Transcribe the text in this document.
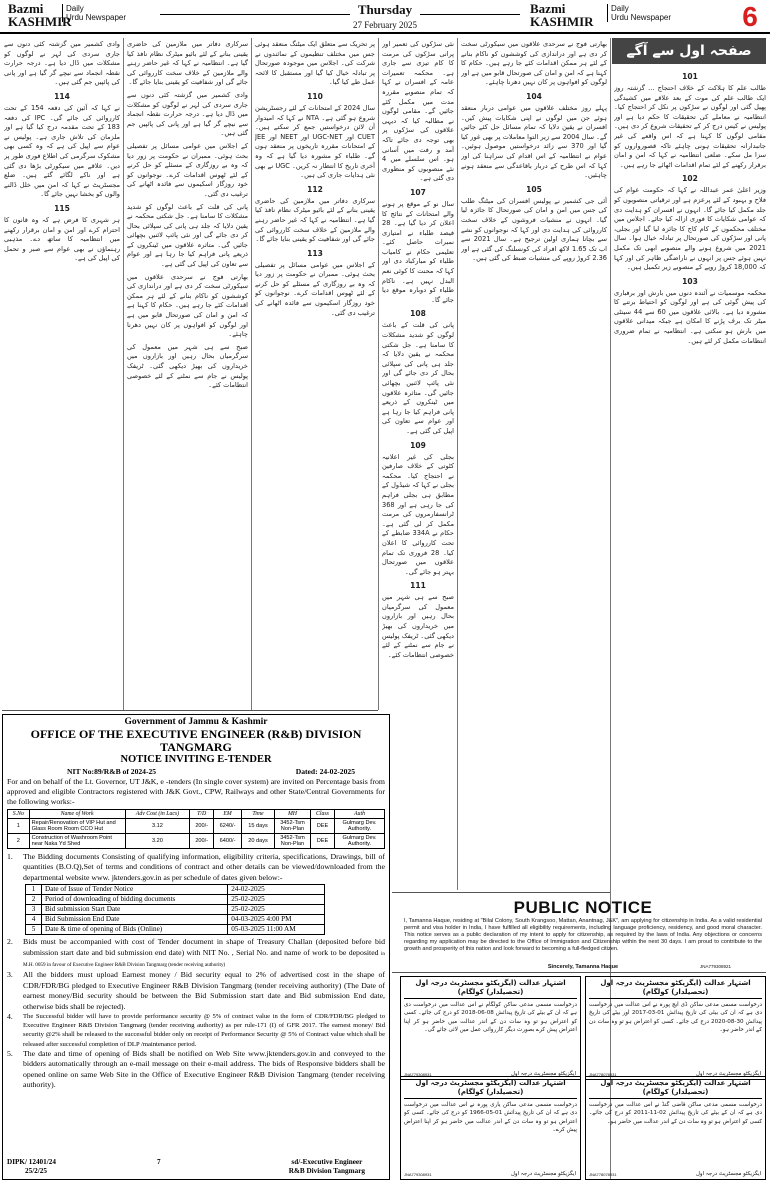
Bazmi
KASHMIR
Daily
Urdu Newspaper
Thursday
27 February 2025
Bazmi
KASHMIR
Daily
Urdu Newspaper	6
صفحہ اول سے آگے
101

طالب علم کا ہلاکت کے خلاف احتجاج ... گزشتہ روز ایک طالب علم کی موت کے بعد علاقے میں کشیدگی پھیل گئی اور لوگوں نے سڑکوں پر نکل کر احتجاج کیا۔ انتظامیہ نے معاملے کی تحقیقات کا حکم دیا ہے اور پولیس نے کیس درج کر کے تحقیقات شروع کر دی ہیں۔ مقامی لوگوں کا کہنا ہے کہ اس واقعے کی غیر جانبدارانہ تحقیقات ہونی چاہئے تاکہ قصورواروں کو سزا مل سکے۔ ضلعی انتظامیہ نے کہا کہ امن و امان برقرار رکھنے کے لئے تمام اقدامات اٹھائے جا رہے ہیں۔

102

وزیر اعلیٰ عمر عبداللہ نے کہا کہ حکومت عوام کی فلاح و بہبود کے لئے پرعزم ہے اور ترقیاتی منصوبوں کو جلد مکمل کیا جائے گا۔ انہوں نے افسران کو ہدایت دی کہ عوامی شکایات کا فوری ازالہ کیا جائے۔ اجلاس میں مختلف محکموں کے کام کاج کا جائزہ لیا گیا اور بجلی، پانی اور سڑکوں کی صورتحال پر تبادلہ خیال ہوا۔ سال 2021 میں شروع ہونے والے منصوبے ابھی تک مکمل نہیں ہوئے جس پر انہوں نے ناراضگی ظاہر کی اور کہا کہ 18,000 کروڑ روپے کے منصوبے زیر تکمیل ہیں۔

103

محکمہ موسمیات نے آئندہ دنوں میں بارش اور برفباری کی پیش گوئی کی ہے اور لوگوں کو احتیاط برتنے کا مشورہ دیا ہے۔ بالائی علاقوں میں 60 سے 44 سینٹی میٹر تک برف پڑنے کا امکان ہے جبکہ میدانی علاقوں میں بارش ہو سکتی ہے۔ انتظامیہ نے تمام ضروری انتظامات مکمل کر لئے ہیں۔

بھارتی فوج نے سرحدی علاقوں میں سیکورٹی سخت کر دی ہے اور دراندازی کی کوششوں کو ناکام بنانے کے لئے ہر ممکن اقدامات کئے جا رہے ہیں۔ حکام کا کہنا ہے کہ امن و امان کی صورتحال قابو میں ہے اور لوگوں کو افواہوں پر کان نہیں دھرنا چاہئے۔

104

پہلے روز مختلف علاقوں میں عوامی دربار منعقد ہوئے جن میں لوگوں نے اپنی شکایات پیش کیں۔ افسران نے یقین دلایا کہ تمام مسائل حل کئے جائیں گے۔ سال 2004 سے زیر التوا معاملات پر بھی غور کیا گیا اور 370 سے زائد درخواستیں موصول ہوئیں۔ عوام نے انتظامیہ کے اس اقدام کی سراہنا کی اور کہا کہ اس طرح کے دربار باقاعدگی سے منعقد ہونے چاہئیں۔

105

آئی جی کشمیر نے پولیس افسران کی میٹنگ طلب کی جس میں امن و امان کی صورتحال کا جائزہ لیا گیا۔ انہوں نے منشیات فروشوں کے خلاف سخت کارروائی کی ہدایت دی اور کہا کہ نوجوانوں کو نشے سے بچانا ہماری اولین ترجیح ہے۔ سال 2021 سے اب تک 1.65 لاکھ افراد کی کونسلنگ کی گئی ہے اور 2.36 کروڑ روپے کی منشیات ضبط کی گئی ہیں۔

نئی سڑکوں کی تعمیر اور پرانی سڑکوں کی مرمت کا کام تیزی سے جاری ہے۔ محکمہ تعمیرات عامہ کے افسران نے کہا کہ تمام منصوبے مقررہ مدت میں مکمل کئے جائیں گے۔ مقامی لوگوں نے مطالبہ کیا کہ دیہی علاقوں کی سڑکوں پر بھی توجہ دی جائے تاکہ آمد و رفت میں آسانی ہو۔ اس سلسلے میں 4 نئے منصوبوں کو منظوری دی گئی ہے۔

107

سال نو کے موقع پر ہونے والے امتحانات کے نتائج کا اعلان کر دیا گیا ہے۔ 28 فیصد طلباء نے امتیازی نمبرات حاصل کئے۔ تعلیمی حکام نے کامیاب طلباء کو مبارکباد دی اور کہا کہ محنت کا کوئی نعم البدل نہیں ہے۔ ناکام طلباء کو دوبارہ موقع دیا جائے گا۔

108

پانی کی قلت کے باعث لوگوں کو شدید مشکلات کا سامنا ہے۔ جل شکتی محکمہ نے یقین دلایا کہ جلد ہی پانی کی سپلائی بحال کر دی جائے گی اور نئی پائپ لائنیں بچھائی جائیں گی۔ متاثرہ علاقوں میں ٹینکروں کے ذریعے پانی فراہم کیا جا رہا ہے اور عوام سے تعاون کی اپیل کی گئی ہے۔

109

بجلی کی غیر اعلانیہ کٹوتی کے خلاف صارفین نے احتجاج کیا۔ محکمہ بجلی نے کہا کہ شیڈول کے مطابق ہی بجلی فراہم کی جا رہی ہے اور 368 ٹرانسفارمروں کی مرمت مکمل کر لی گئی ہے۔ حکام نے 334A ضابطے کے تحت کارروائی کا اعلان کیا۔ 28 فروری تک تمام علاقوں میں صورتحال بہتر ہو جائے گی۔

111

صبح سے ہی شہر میں معمول کی سرگرمیاں بحال رہیں اور بازاروں میں خریداروں کی بھیڑ دیکھی گئی۔ ٹریفک پولیس نے جام سے نمٹنے کے لئے خصوصی انتظامات کئے۔

پر تحریک سے متعلق ایک میٹنگ منعقد ہوئی جس میں مختلف تنظیموں کے نمائندوں نے شرکت کی۔ اجلاس میں موجودہ صورتحال پر تبادلہ خیال کیا گیا اور مستقبل کا لائحہ عمل طے کیا گیا۔

110

سال 2024 کے امتحانات کے لئے رجسٹریشن شروع ہو گئی ہے۔ NTA نے کہا کہ امیدوار آن لائن درخواستیں جمع کر سکتے ہیں۔ CUET اور UGC-NET اور NEET اور JEE کے امتحانات مقررہ تاریخوں پر منعقد ہوں گے۔ طلباء کو مشورہ دیا گیا ہے کہ وہ آخری تاریخ کا انتظار نہ کریں۔ UGC نے بھی نئی ہدایات جاری کی ہیں۔

112

سرکاری دفاتر میں ملازمین کی حاضری یقینی بنانے کے لئے بائیو میٹرک نظام نافذ کیا گیا ہے۔ انتظامیہ نے کہا کہ غیر حاضر رہنے والے ملازمین کے خلاف سخت کارروائی کی جائے گی اور شفافیت کو یقینی بنایا جائے گا۔

113

کے اجلاس میں عوامی مسائل پر تفصیلی بحث ہوئی۔ ممبران نے حکومت پر زور دیا کہ وہ بے روزگاری کے مسئلے کو حل کرنے کے لئے ٹھوس اقدامات کرے۔ نوجوانوں کو خود روزگار اسکیموں سے فائدہ اٹھانے کی ترغیب دی گئی۔

وادی کشمیر میں گزشتہ کئی دنوں سے جاری سردی کی لہر نے لوگوں کو مشکلات میں ڈال دیا ہے۔ درجہ حرارت نقطہ انجماد سے نیچے گر گیا ہے اور پانی کی پائپیں جم گئی ہیں۔

114

نے کہا کہ آئین کی دفعہ 154 کے تحت کارروائی کی جائے گی۔ IPC کی دفعہ 183 کے تحت مقدمہ درج کیا گیا ہے اور ملزمان کی تلاش جاری ہے۔ پولیس نے عوام سے اپیل کی ہے کہ وہ کسی بھی مشکوک سرگرمی کی اطلاع فوری طور پر دیں۔ علاقے میں سیکورٹی بڑھا دی گئی ہے اور ناکے لگائے گئے ہیں۔ ضلع مجسٹریٹ نے کہا کہ امن میں خلل ڈالنے والوں کو بخشا نہیں جائے گا۔

115

ہر شہری کا فرض ہے کہ وہ قانون کا احترام کرے اور امن و امان برقرار رکھنے میں انتظامیہ کا ساتھ دے۔ مذہبی رہنماؤں نے بھی عوام سے صبر و تحمل کی اپیل کی ہے۔

سرکاری دفاتر میں ملازمین کی حاضری یقینی بنانے کے لئے بائیو میٹرک نظام نافذ کیا گیا ہے۔ انتظامیہ نے کہا کہ غیر حاضر رہنے والے ملازمین کے خلاف سخت کارروائی کی جائے گی اور شفافیت کو یقینی بنایا جائے گا۔

وادی کشمیر میں گزشتہ کئی دنوں سے جاری سردی کی لہر نے لوگوں کو مشکلات میں ڈال دیا ہے۔ درجہ حرارت نقطہ انجماد سے نیچے گر گیا ہے اور پانی کی پائپیں جم گئی ہیں۔

کے اجلاس میں عوامی مسائل پر تفصیلی بحث ہوئی۔ ممبران نے حکومت پر زور دیا کہ وہ بے روزگاری کے مسئلے کو حل کرنے کے لئے ٹھوس اقدامات کرے۔ نوجوانوں کو خود روزگار اسکیموں سے فائدہ اٹھانے کی ترغیب دی گئی۔

پانی کی قلت کے باعث لوگوں کو شدید مشکلات کا سامنا ہے۔ جل شکتی محکمہ نے یقین دلایا کہ جلد ہی پانی کی سپلائی بحال کر دی جائے گی اور نئی پائپ لائنیں بچھائی جائیں گی۔ متاثرہ علاقوں میں ٹینکروں کے ذریعے پانی فراہم کیا جا رہا ہے اور عوام سے تعاون کی اپیل کی گئی ہے۔

بھارتی فوج نے سرحدی علاقوں میں سیکورٹی سخت کر دی ہے اور دراندازی کی کوششوں کو ناکام بنانے کے لئے ہر ممکن اقدامات کئے جا رہے ہیں۔ حکام کا کہنا ہے کہ امن و امان کی صورتحال قابو میں ہے اور لوگوں کو افواہوں پر کان نہیں دھرنا چاہئے۔

صبح سے ہی شہر میں معمول کی سرگرمیاں بحال رہیں اور بازاروں میں خریداروں کی بھیڑ دیکھی گئی۔ ٹریفک پولیس نے جام سے نمٹنے کے لئے خصوصی انتظامات کئے۔

Government of Jammu & Kashmir
OFFICE OF THE EXECUTIVE ENGINEER (R&B) DIVISION TANGMARG
NOTICE INVITING E-TENDER
NIT No:89/R&B of 2024-25	Dated: 24-02-2025
For and on behalf of the Lt. Governor, UT J&K, e -tenders (In single cover system) are invited on Percentage basis from approved and eligible Contractors registered with J&K Govt., CPW, Railways and other State/Central Governments for the following works:-
S.No	Name of Work	Adv Cost (in Lacs)	T/D	EM	Time	MH	Class	Auth
1	Repair/Renovation of VIP Hut and Glass Room Room CCO Hut	3.12	200/-	6240/-	15 days	3452-Tsm Non-Plan	DEE	Gulmarg Dev. Authority.
2	Construction of Washroom Point near Naka Yd Shed	3.20	200/-	6400/-	20 days	3452-Tsm Non-Plan	DEE	Gulmarg Dev. Authority.
1.	The Bidding documents Consisting of qualifying information, eligibility criteria, specifications, Drawings, bill of quantities (B.O.Q),Set of terms and conditions of contract and other details can be viewed/downloaded from the departmental website www. jktenders.gov.in as per schedule of dates given below:-
1	Date of Issue of Tender Notice	24-02-2025
2	Period of downloading of bidding documents	25-02-2025
3	Bid submission Start Date	25-02-2025
4	Bid Submission End Date	04-03-2025 4:00 PM
5	Date & time of opening of Bids (Online)	05-03-2025 11:00 AM
2.	Bids must be accompanied with cost of Tender document in shape of Treasury Challan (deposited before bid submission start date and bid submission end date) with NIT No. , Serial No. and name of work to be deposited in M.H. 0059 in favour of Executive Engineer R&B Division Tangmarg (tender receiving authority)
3.	All the bidders must upload Earnest money / Bid security equal to 2% of advertised cost in the shape of CDR/FDR/BG pledged to Executive Engineer R&B Division Tangmarg (tender receiving authority) (The Date of earnest money/Bid security should be between the Bid Submission start date and Bid submission End date, otherwise bids shall be rejected).
4.	The Successful bidder will have to provide performance security @ 5% of contract value in the form of CDR/FDR/BG pledged to Executive Engineer R&B Division Tangmarg (tender receiving authority) as per rule-171 (I) of GFR 2017. The earnest money/ Bid security @2% shall be released to the successful bidder only on receipt of Performance Security @ 5% of Contract value which shall be released after successful completion of DLP /maintenance period.
5.	The date and time of opening of Bids shall be notified on Web Site www.jktenders.gov.in and conveyed to the bidders automatically through an e-mail message on their e-mail address. The bids of Responsive bidders shall be opened online on same Web Site in the Office of Executive Engineer R&B Division Tangmarg (tender receiving authority).
DIPK/ 12401/24
25/2/25
7	sd/-Executive Engineer
R&B Division Tangmarg
PUBLIC NOTICE
I, Tamanna Haque, residing at "Bilal Colony, South Krangsoo, Mattan, Anantnag, J&K", am applying for citizenship in India. As a valid residential permit and visa holder in India, I have fulfilled all eligibility requirements, including language proficiency, residency, and good moral character. This notice serves as a public declaration of my intent to apply for citizenship, as required by the laws of India. Any objections or concerns regarding my application may be directed to the Office of Immigration and Citizenship within the next 30 days. I am proud to contribute to the growth and prosperity of this nation and look forward to becoming a full-fledged citizen.
Sincerely, Tamanna Haque	JNA779308921
اشتہار عدالت (ایگزیکٹو مجسٹریٹ درجہ اول (تحصیلدار) کولگام)
درخواست مسمی مدعی ساکن کولگام نے اس عدالت میں درخواست دی ہے کہ ان کے بیٹے کی تاریخ پیدائش 08-06-2018 کو درج کی جائے۔ کسی کو اعتراض ہو تو وہ سات دن کے اندر عدالت میں حاضر ہو کر اپنا اعتراض پیش کرے بصورت دیگر کارروائی عمل میں لائی جائے گی۔
JNA779308931	ایگزیکٹو مجسٹریٹ درجہ اول
اشتہار عدالت (ایگزیکٹو مجسٹریٹ درجہ اول (تحصیلدار) کولگام)
درخواست مسمی مدعی ساکن ڈی ایچ پورہ نے اس عدالت میں درخواست دی ہے کہ ان کی بیٹی کی تاریخ پیدائش 01-03-2017 اور بیٹے کی تاریخ پیدائش 30-08-2020 درج کی جائے۔ کسی کو اعتراض ہو تو وہ سات دن کے اندر حاضر ہو۔
JNA778078931	ایگزیکٹو مجسٹریٹ درجہ اول
اشتہار عدالت (ایگزیکٹو مجسٹریٹ درجہ اول (تحصیلدار) کولگام)
درخواست مسمی مدعی ساکن یاری پورہ نے اس عدالت میں درخواست دی ہے کہ ان کی تاریخ پیدائش 01-05-1966 کو درج کی جائے۔ کسی کو اعتراض ہو تو وہ سات دن کے اندر عدالت میں حاضر ہو کر اپنا اعتراض پیش کرے۔
JNA779308931	ایگزیکٹو مجسٹریٹ درجہ اول
اشتہار عدالت (ایگزیکٹو مجسٹریٹ درجہ اول (تحصیلدار) کولگام)
درخواست مسمی مدعی ساکن قاضی گنڈ نے اس عدالت میں درخواست دی ہے کہ ان کے بیٹے کی تاریخ پیدائش 02-11-2011 کو درج کی جائے۔ کسی کو اعتراض ہو تو وہ سات دن کے اندر عدالت میں حاضر ہو۔
JNA778078931	ایگزیکٹو مجسٹریٹ درجہ اول
